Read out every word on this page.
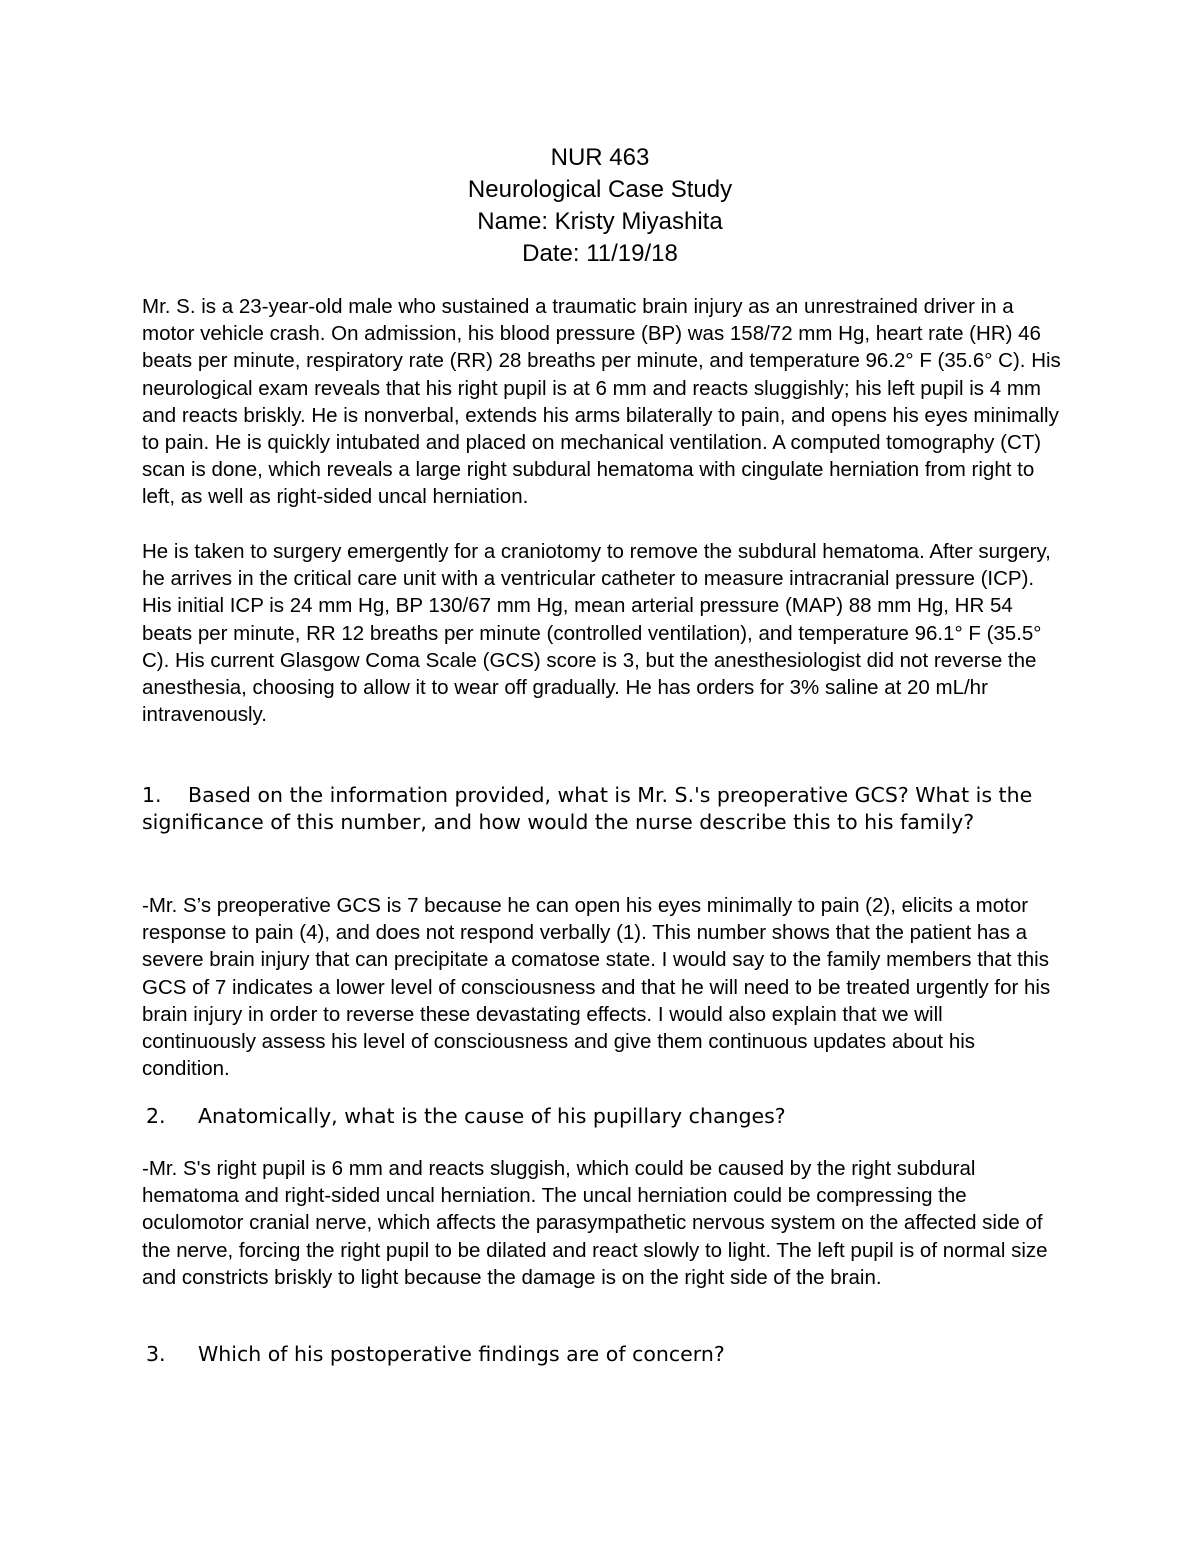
NUR 463
Neurological Case Study
Name: Kristy Miyashita
Date: 11/19/18

Mr. S. is a 23-year-old male who sustained a traumatic brain injury as an unrestrained driver in a motor vehicle crash. On admission, his blood pressure (BP) was 158/72 mm Hg, heart rate (HR) 46 beats per minute, respiratory rate (RR) 28 breaths per minute, and temperature 96.2° F (35.6° C). His neurological exam reveals that his right pupil is at 6 mm and reacts sluggishly; his left pupil is 4 mm and reacts briskly. He is nonverbal, extends his arms bilaterally to pain, and opens his eyes minimally to pain. He is quickly intubated and placed on mechanical ventilation. A computed tomography (CT) scan is done, which reveals a large right subdural hematoma with cingulate herniation from right to left, as well as right-sided uncal herniation.

He is taken to surgery emergently for a craniotomy to remove the subdural hematoma. After surgery, he arrives in the critical care unit with a ventricular catheter to measure intracranial pressure (ICP). His initial ICP is 24 mm Hg, BP 130/67 mm Hg, mean arterial pressure (MAP) 88 mm Hg, HR 54 beats per minute, RR 12 breaths per minute (controlled ventilation), and temperature 96.1° F (35.5° C). His current Glasgow Coma Scale (GCS) score is 3, but the anesthesiologist did not reverse the anesthesia, choosing to allow it to wear off gradually. He has orders for 3% saline at 20 mL/hr intravenously.

1. Based on the information provided, what is Mr. S.'s preoperative GCS? What is the significance of this number, and how would the nurse describe this to his family?

-Mr. S’s preoperative GCS is 7 because he can open his eyes minimally to pain (2), elicits a motor response to pain (4), and does not respond verbally (1). This number shows that the patient has a severe brain injury that can precipitate a comatose state. I would say to the family members that this GCS of 7 indicates a lower level of consciousness and that he will need to be treated urgently for his brain injury in order to reverse these devastating effects. I would also explain that we will continuously assess his level of consciousness and give them continuous updates about his condition.

2. Anatomically, what is the cause of his pupillary changes?

-Mr. S's right pupil is 6 mm and reacts sluggish, which could be caused by the right subdural hematoma and right-sided uncal herniation. The uncal herniation could be compressing the oculomotor cranial nerve, which affects the parasympathetic nervous system on the affected side of the nerve, forcing the right pupil to be dilated and react slowly to light. The left pupil is of normal size and constricts briskly to light because the damage is on the right side of the brain.

3. Which of his postoperative findings are of concern?
